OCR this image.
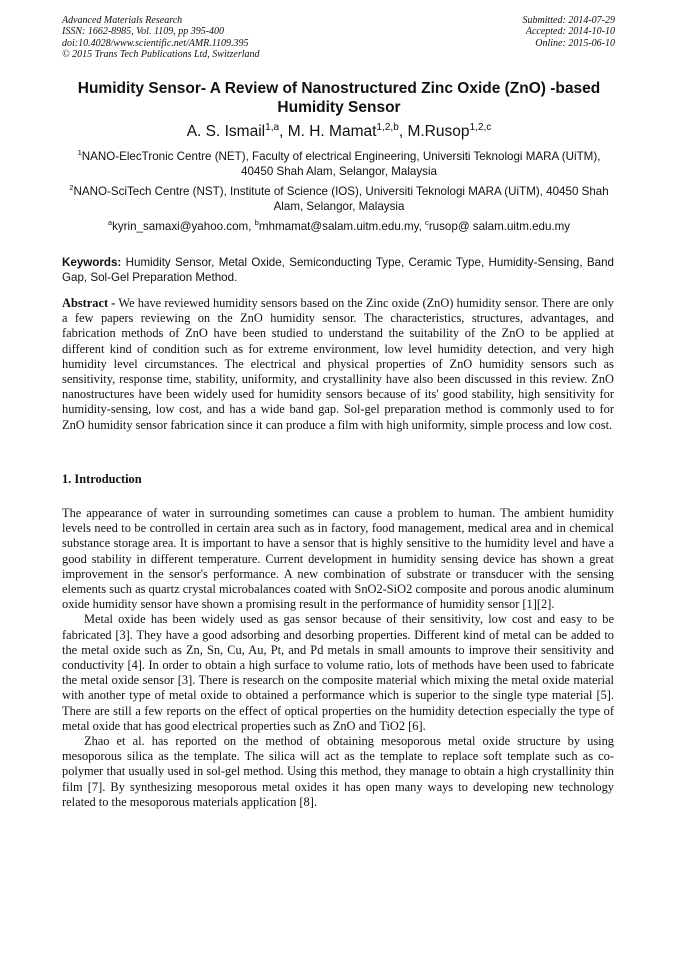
Advanced Materials Research
ISSN: 1662-8985, Vol. 1109, pp 395-400
doi:10.4028/www.scientific.net/AMR.1109.395
© 2015 Trans Tech Publications Ltd, Switzerland
Submitted: 2014-07-29
Accepted: 2014-10-10
Online: 2015-06-10
Humidity Sensor- A Review of Nanostructured Zinc Oxide (ZnO) -based Humidity Sensor
A. S. Ismail$^{1,a}$, M. H. Mamat$^{1,2,b}$, M.Rusop$^{1,2,c}$
$^1$NANO-ElecTronic Centre (NET), Faculty of electrical Engineering, Universiti Teknologi MARA (UiTM), 40450 Shah Alam, Selangor, Malaysia
$^2$NANO-SciTech Centre (NST), Institute of Science (IOS), Universiti Teknologi MARA (UiTM), 40450 Shah Alam, Selangor, Malaysia
$^a$kyrin_samaxi@yahoo.com, $^b$mhmamat@salam.uitm.edu.my, $^c$rusop@ salam.uitm.edu.my
Keywords: Humidity Sensor, Metal Oxide, Semiconducting Type, Ceramic Type, Humidity-Sensing, Band Gap, Sol-Gel Preparation Method.
Abstract - We have reviewed humidity sensors based on the Zinc oxide (ZnO) humidity sensor. There are only a few papers reviewing on the ZnO humidity sensor. The characteristics, structures, advantages, and fabrication methods of ZnO have been studied to understand the suitability of the ZnO to be applied at different kind of condition such as for extreme environment, low level humidity detection, and very high humidity level circumstances. The electrical and physical properties of ZnO humidity sensors such as sensitivity, response time, stability, uniformity, and crystallinity have also been discussed in this review. ZnO nanostructures have been widely used for humidity sensors because of its' good stability, high sensitivity for humidity-sensing, low cost, and has a wide band gap. Sol-gel preparation method is commonly used to for ZnO humidity sensor fabrication since it can produce a film with high uniformity, simple process and low cost.
1. Introduction

The appearance of water in surrounding sometimes can cause a problem to human. The ambient humidity levels need to be controlled in certain area such as in factory, food management, medical area and in chemical substance storage area. It is important to have a sensor that is highly sensitive to the humidity level and have a good stability in different temperature. Current development in humidity sensing device has shown a great improvement in the sensor's performance. A new combination of substrate or transducer with the sensing elements such as quartz crystal microbalances coated with SnO2-SiO2 composite and porous anodic aluminum oxide humidity sensor have shown a promising result in the performance of humidity sensor [1][2].

Metal oxide has been widely used as gas sensor because of their sensitivity, low cost and easy to be fabricated [3]. They have a good adsorbing and desorbing properties. Different kind of metal can be added to the metal oxide such as Zn, Sn, Cu, Au, Pt, and Pd metals in small amounts to improve their sensitivity and conductivity [4]. In order to obtain a high surface to volume ratio, lots of methods have been used to fabricate the metal oxide sensor [3]. There is research on the composite material which mixing the metal oxide material with another type of metal oxide to obtained a performance which is superior to the single type material [5]. There are still a few reports on the effect of optical properties on the humidity detection especially the type of metal oxide that has good electrical properties such as ZnO and TiO2 [6].

Zhao et al. has reported on the method of obtaining mesoporous metal oxide structure by using mesoporous silica as the template. The silica will act as the template to replace soft template such as co-polymer that usually used in sol-gel method. Using this method, they manage to obtain a high crystallinity thin film [7]. By synthesizing mesoporous metal oxides it has open many ways to developing new technology related to the mesoporous materials application [8].
